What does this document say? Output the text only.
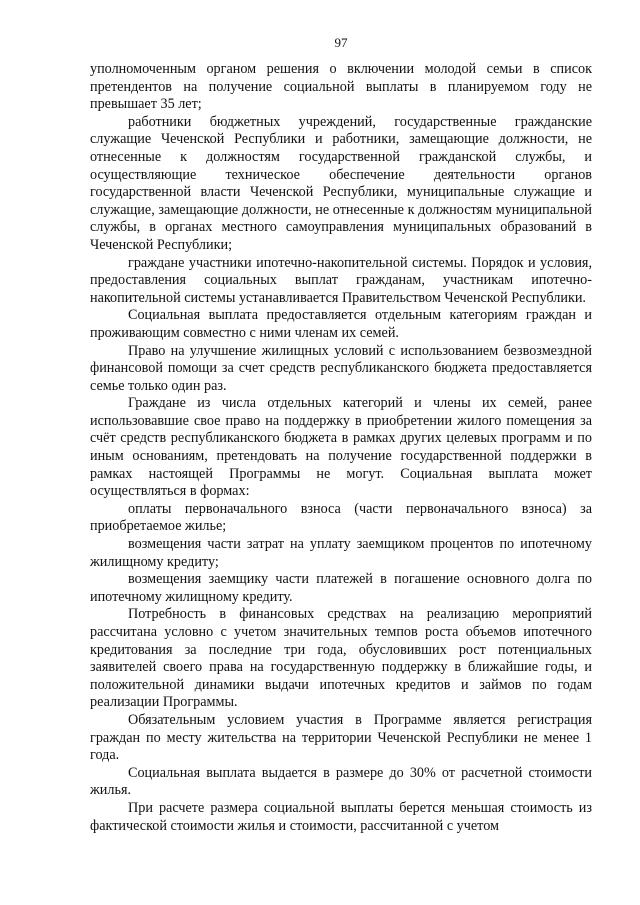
97

уполномоченным органом решения о включении молодой семьи в список претендентов на получение социальной выплаты в планируемом году не превышает 35 лет;

работники бюджетных учреждений, государственные гражданские служащие Чеченской Республики и работники, замещающие должности, не отнесенные к должностям государственной гражданской службы, и осуществляющие техническое обеспечение деятельности органов государственной власти Чеченской Республики, муниципальные служащие и служащие, замещающие должности, не отнесенные к должностям муниципальной службы, в органах местного самоуправления муниципальных образований в Чеченской Республики;

граждане участники ипотечно-накопительной системы. Порядок и условия, предоставления социальных выплат гражданам, участникам ипотечно-накопительной системы устанавливается Правительством Чеченской Республики.

Социальная выплата предоставляется отдельным категориям граждан и проживающим совместно с ними членам их семей.

Право на улучшение жилищных условий с использованием безвозмездной финансовой помощи за счет средств республиканского бюджета предоставляется семье только один раз.

Граждане из числа отдельных категорий и члены их семей, ранее использовавшие свое право на поддержку в приобретении жилого помещения за счёт средств республиканского бюджета в рамках других целевых программ и по иным основаниям, претендовать на получение государственной поддержки в рамках настоящей Программы не могут. Социальная выплата может осуществляться в формах:

оплаты первоначального взноса (части первоначального взноса) за приобретаемое жилье;

возмещения части затрат на уплату заемщиком процентов по ипотечному жилищному кредиту;

возмещения заемщику части платежей в погашение основного долга по ипотечному жилищному кредиту.

Потребность в финансовых средствах на реализацию мероприятий рассчитана условно с учетом значительных темпов роста объемов ипотечного кредитования за последние три года, обусловивших рост потенциальных заявителей своего права на государственную поддержку в ближайшие годы, и положительной динамики выдачи ипотечных кредитов и займов по годам реализации Программы.

Обязательным условием участия в Программе является регистрация граждан по месту жительства на территории Чеченской Республики не менее 1 года.

Социальная выплата выдается в размере до 30% от расчетной стоимости жилья.

При расчете размера социальной выплаты берется меньшая стоимость из фактической стоимости жилья и стоимости, рассчитанной с учетом
